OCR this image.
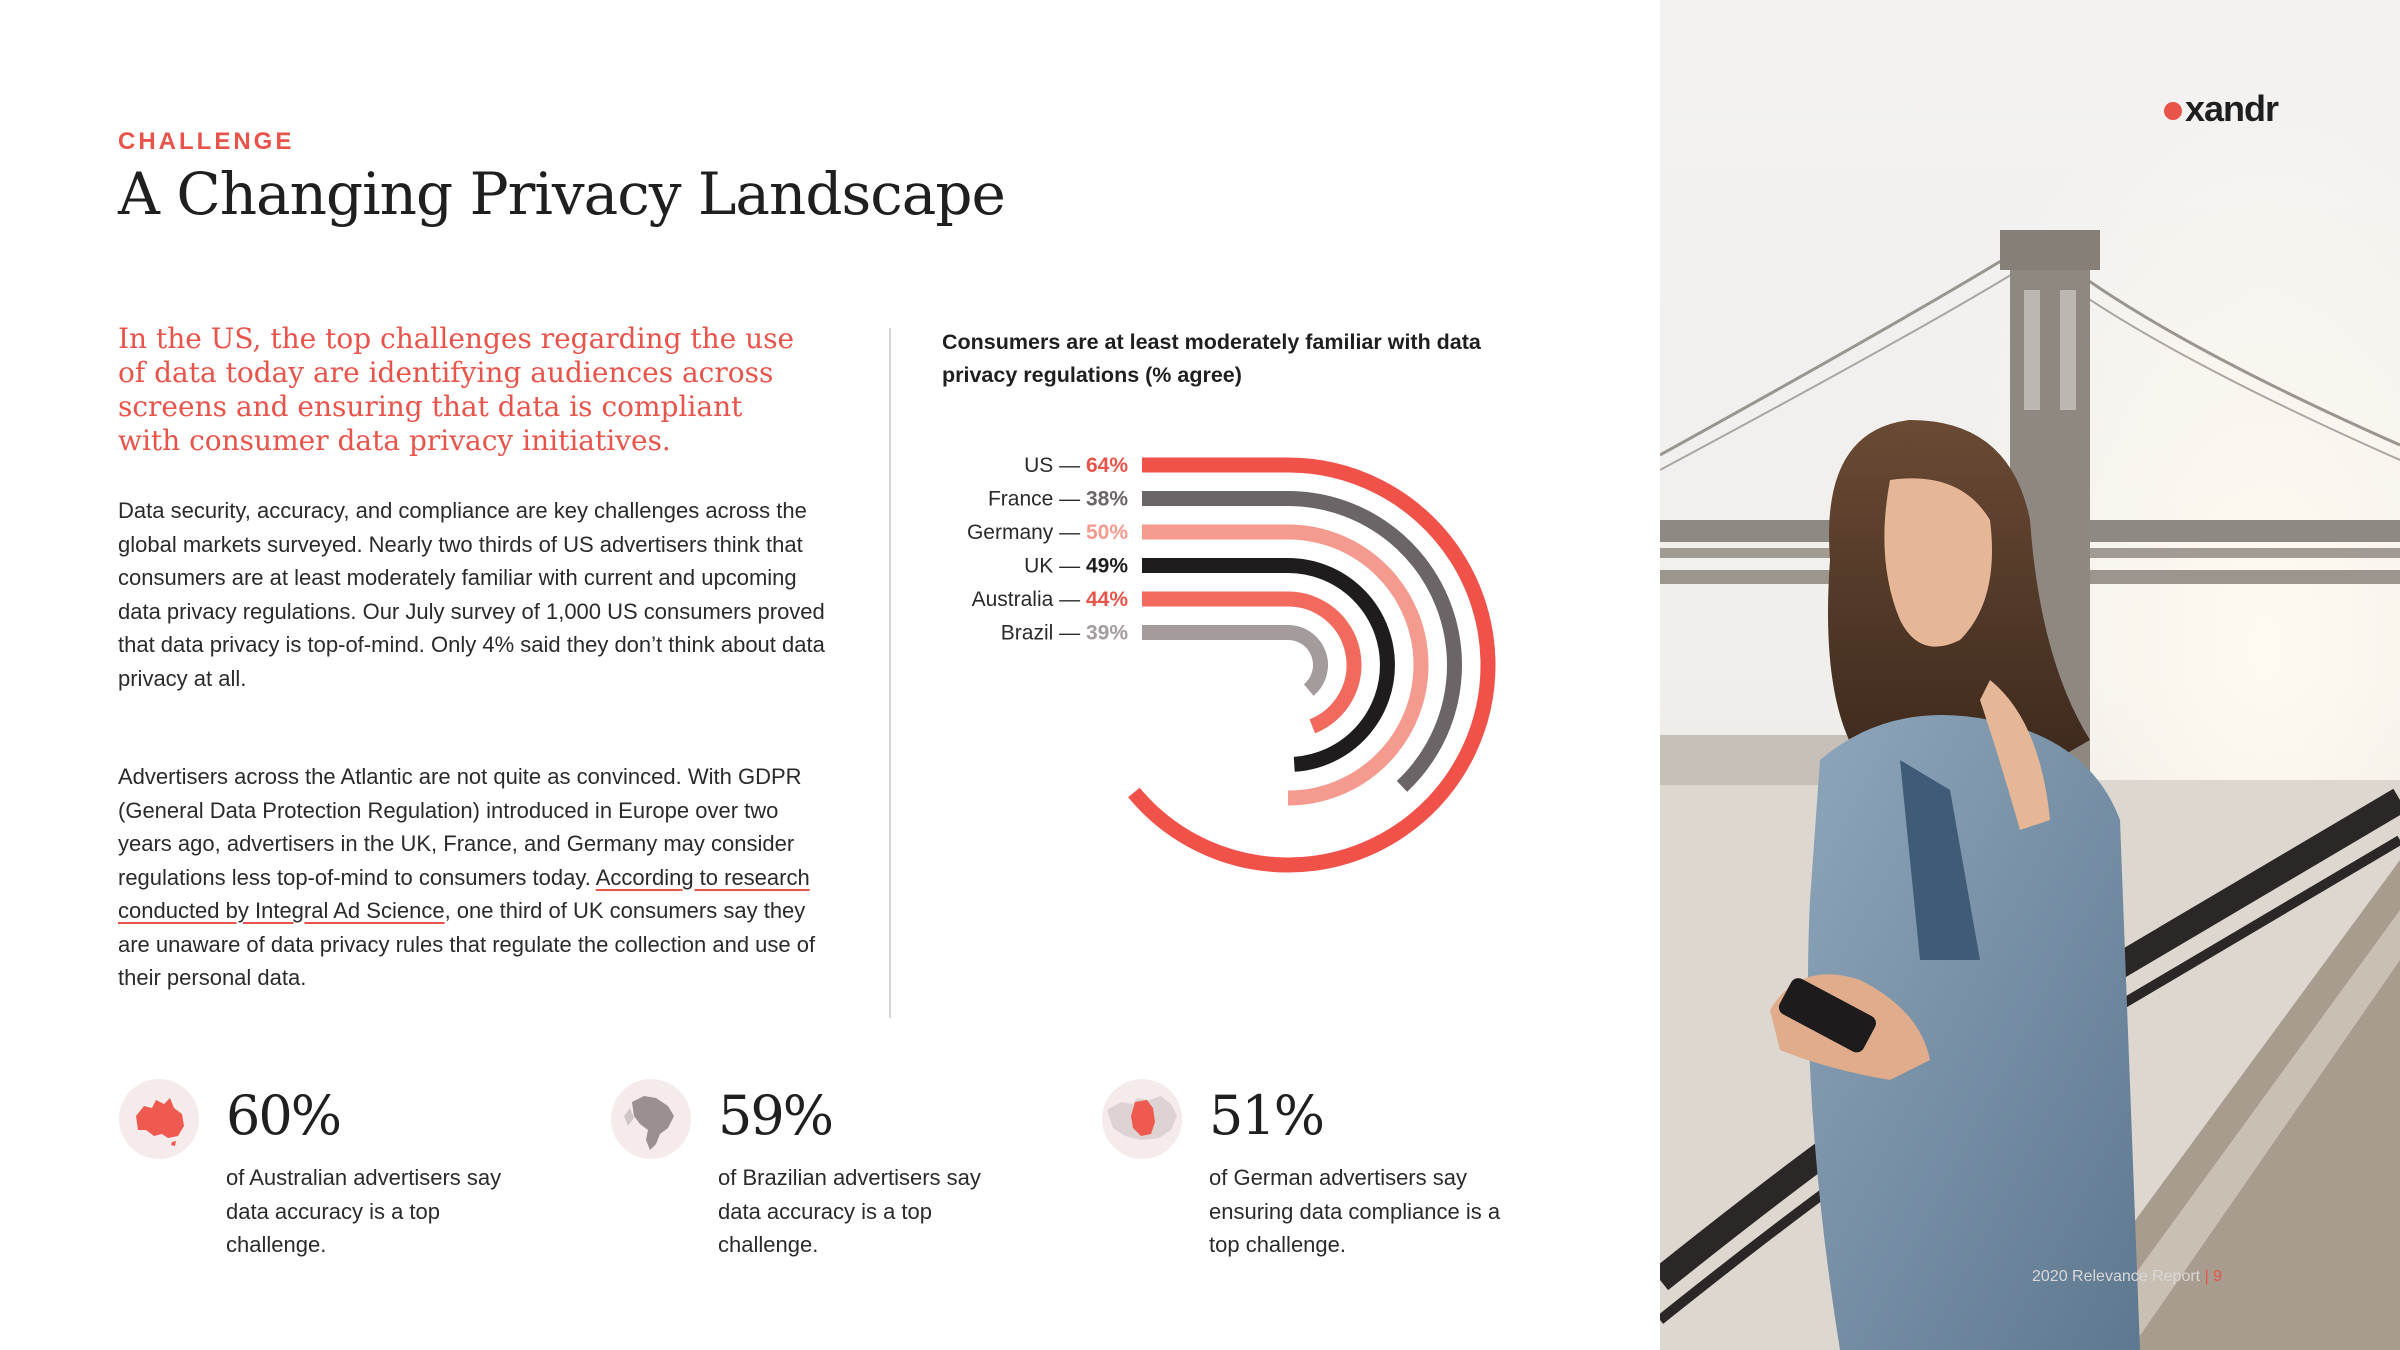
CHALLENGE
A Changing Privacy Landscape
In the US, the top challenges regarding the use of data today are identifying audiences across screens and ensuring that data is compliant with consumer data privacy initiatives.
Data security, accuracy, and compliance are key challenges across the global markets surveyed. Nearly two thirds of US advertisers think that consumers are at least moderately familiar with current and upcoming data privacy regulations. Our July survey of 1,000 US consumers proved that data privacy is top-of-mind. Only 4% said they don’t think about data privacy at all.
Advertisers across the Atlantic are not quite as convinced. With GDPR (General Data Protection Regulation) introduced in Europe over two years ago, advertisers in the UK, France, and Germany may consider regulations less top-of-mind to consumers today. According to research conducted by Integral Ad Science, one third of UK consumers say they are unaware of data privacy rules that regulate the collection and use of their personal data.
Consumers are at least moderately familiar with data privacy regulations (% agree)
US — 64%
France — 38%
Germany — 50%
UK — 49%
Australia — 44%
Brazil — 39%
60%
of Australian advertisers say data accuracy is a top challenge.
59%
of Brazilian advertisers say data accuracy is a top challenge.
51%
of German advertisers say ensuring data compliance is a top challenge.
xandr
2020 Relevance Report | 9
